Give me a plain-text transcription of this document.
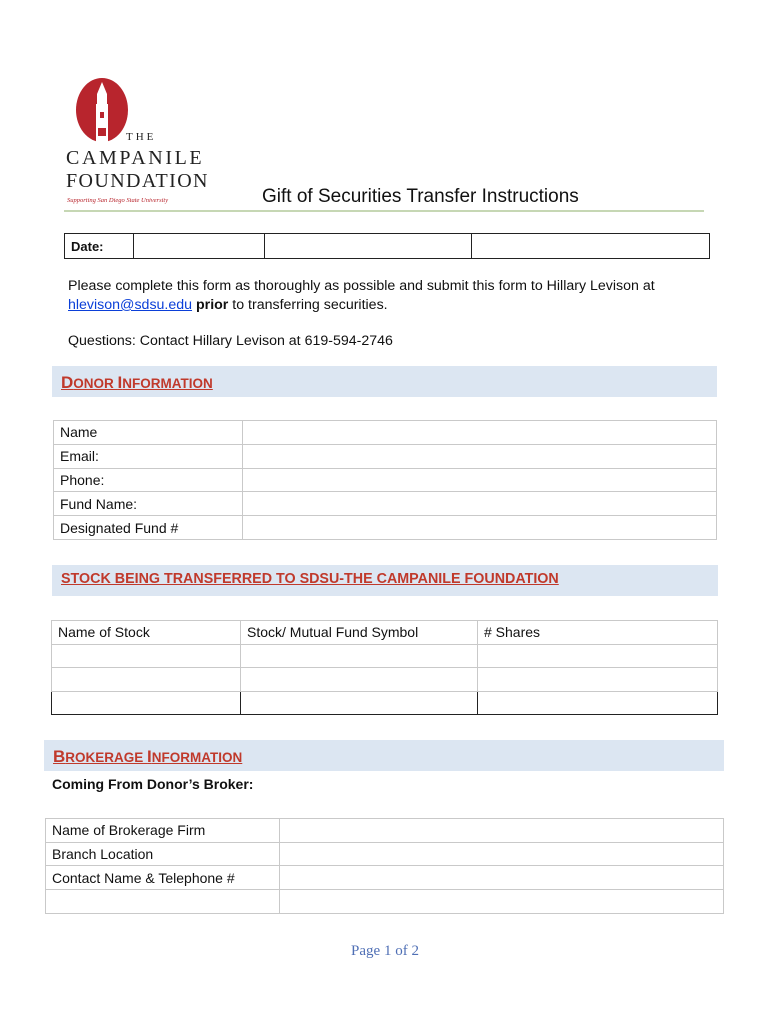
THE
CAMPANILE
FOUNDATION
Supporting San Diego State University	Gift of Securities Transfer Instructions
Date:			
Please complete this form as thoroughly as possible and submit this form to Hillary Levison at hlevison@sdsu.edu prior to transferring securities.
Questions: Contact Hillary Levison at 619-594-2746
DONOR INFORMATION
Name	
Email:	
Phone:	
Fund Name:	
Designated Fund #	
STOCK BEING TRANSFERRED TO SDSU-THE CAMPANILE FOUNDATION
Name of Stock	Stock/ Mutual Fund Symbol	# Shares

BROKERAGE INFORMATION
Coming From Donor’s Broker:
Name of Brokerage Firm	
Branch Location	
Contact Name & Telephone #	

Page 1 of 2
